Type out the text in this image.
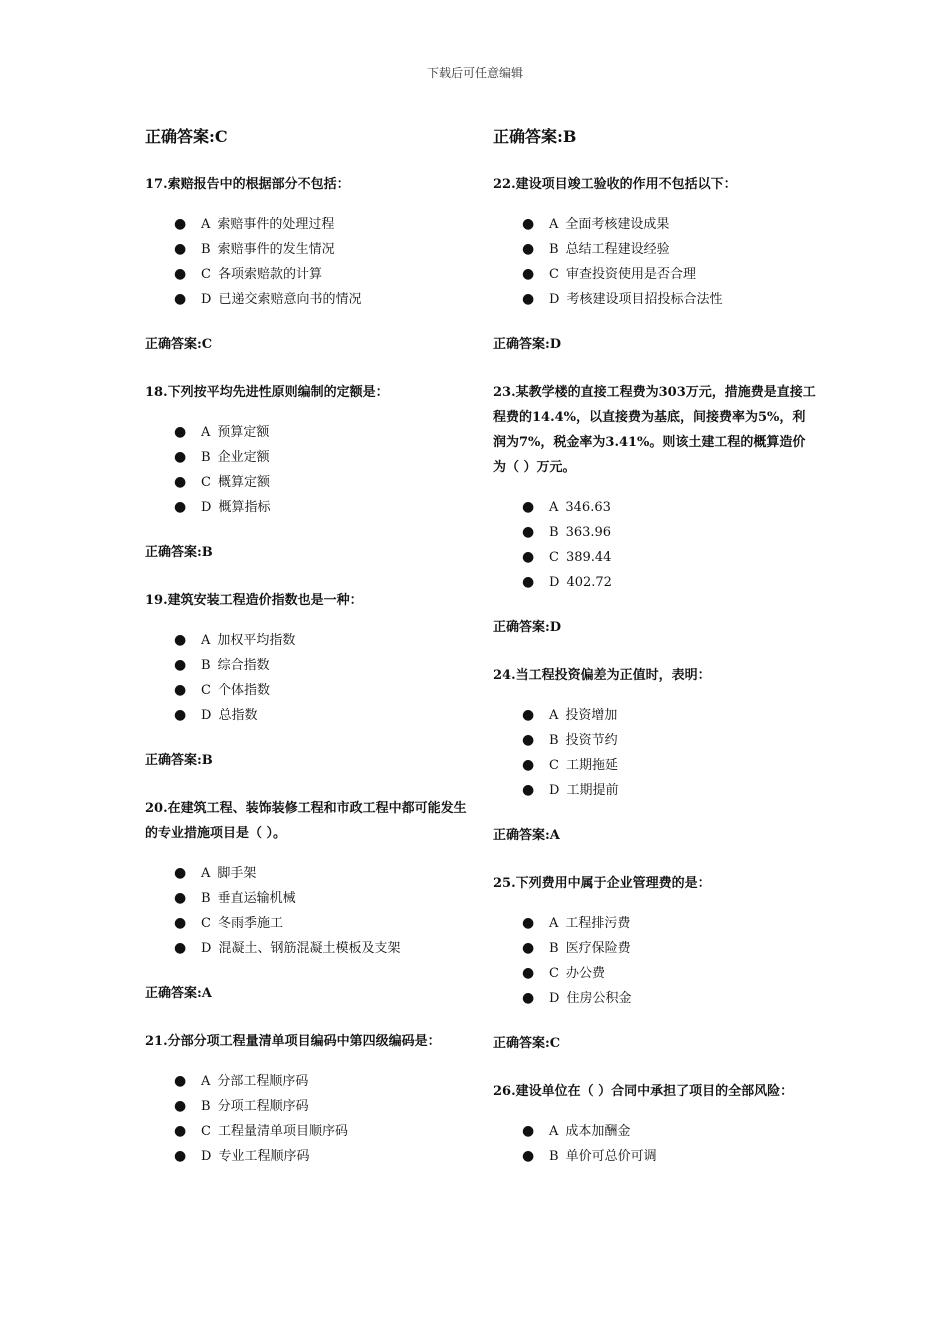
下载后可任意编辑

正确答案:C

17.索赔报告中的根据部分不包括：

● A 索赔事件的处理过程
● B 索赔事件的发生情况
● C 各项索赔款的计算
● D 已递交索赔意向书的情况

正确答案:C

18.下列按平均先进性原则编制的定额是：

● A 预算定额
● B 企业定额
● C 概算定额
● D 概算指标

正确答案:B

19.建筑安装工程造价指数也是一种：

● A 加权平均指数
● B 综合指数
● C 个体指数
● D 总指数

正确答案:B

20.在建筑工程、装饰装修工程和市政工程中都可能发生的专业措施项目是（ ）。

● A 脚手架
● B 垂直运输机械
● C 冬雨季施工
● D 混凝土、钢筋混凝土模板及支架

正确答案:A

21.分部分项工程量清单项目编码中第四级编码是：

● A 分部工程顺序码
● B 分项工程顺序码
● C 工程量清单项目顺序码
● D 专业工程顺序码

正确答案:B

22.建设项目竣工验收的作用不包括以下：

● A 全面考核建设成果
● B 总结工程建设经验
● C 审查投资使用是否合理
● D 考核建设项目招投标合法性

正确答案:D

23.某教学楼的直接工程费为303万元，措施费是直接工程费的14.4%，以直接费为基底，间接费率为5%，利润为7%，税金率为3.41%。则该土建工程的概算造价为（ ）万元。

● A 346.63
● B 363.96
● C 389.44
● D 402.72

正确答案:D

24.当工程投资偏差为正值时，表明：

● A 投资增加
● B 投资节约
● C 工期拖延
● D 工期提前

正确答案:A

25.下列费用中属于企业管理费的是：

● A 工程排污费
● B 医疗保险费
● C 办公费
● D 住房公积金

正确答案:C

26.建设单位在（ ）合同中承担了项目的全部风险：

● A 成本加酬金
● B 单价可总价可调
